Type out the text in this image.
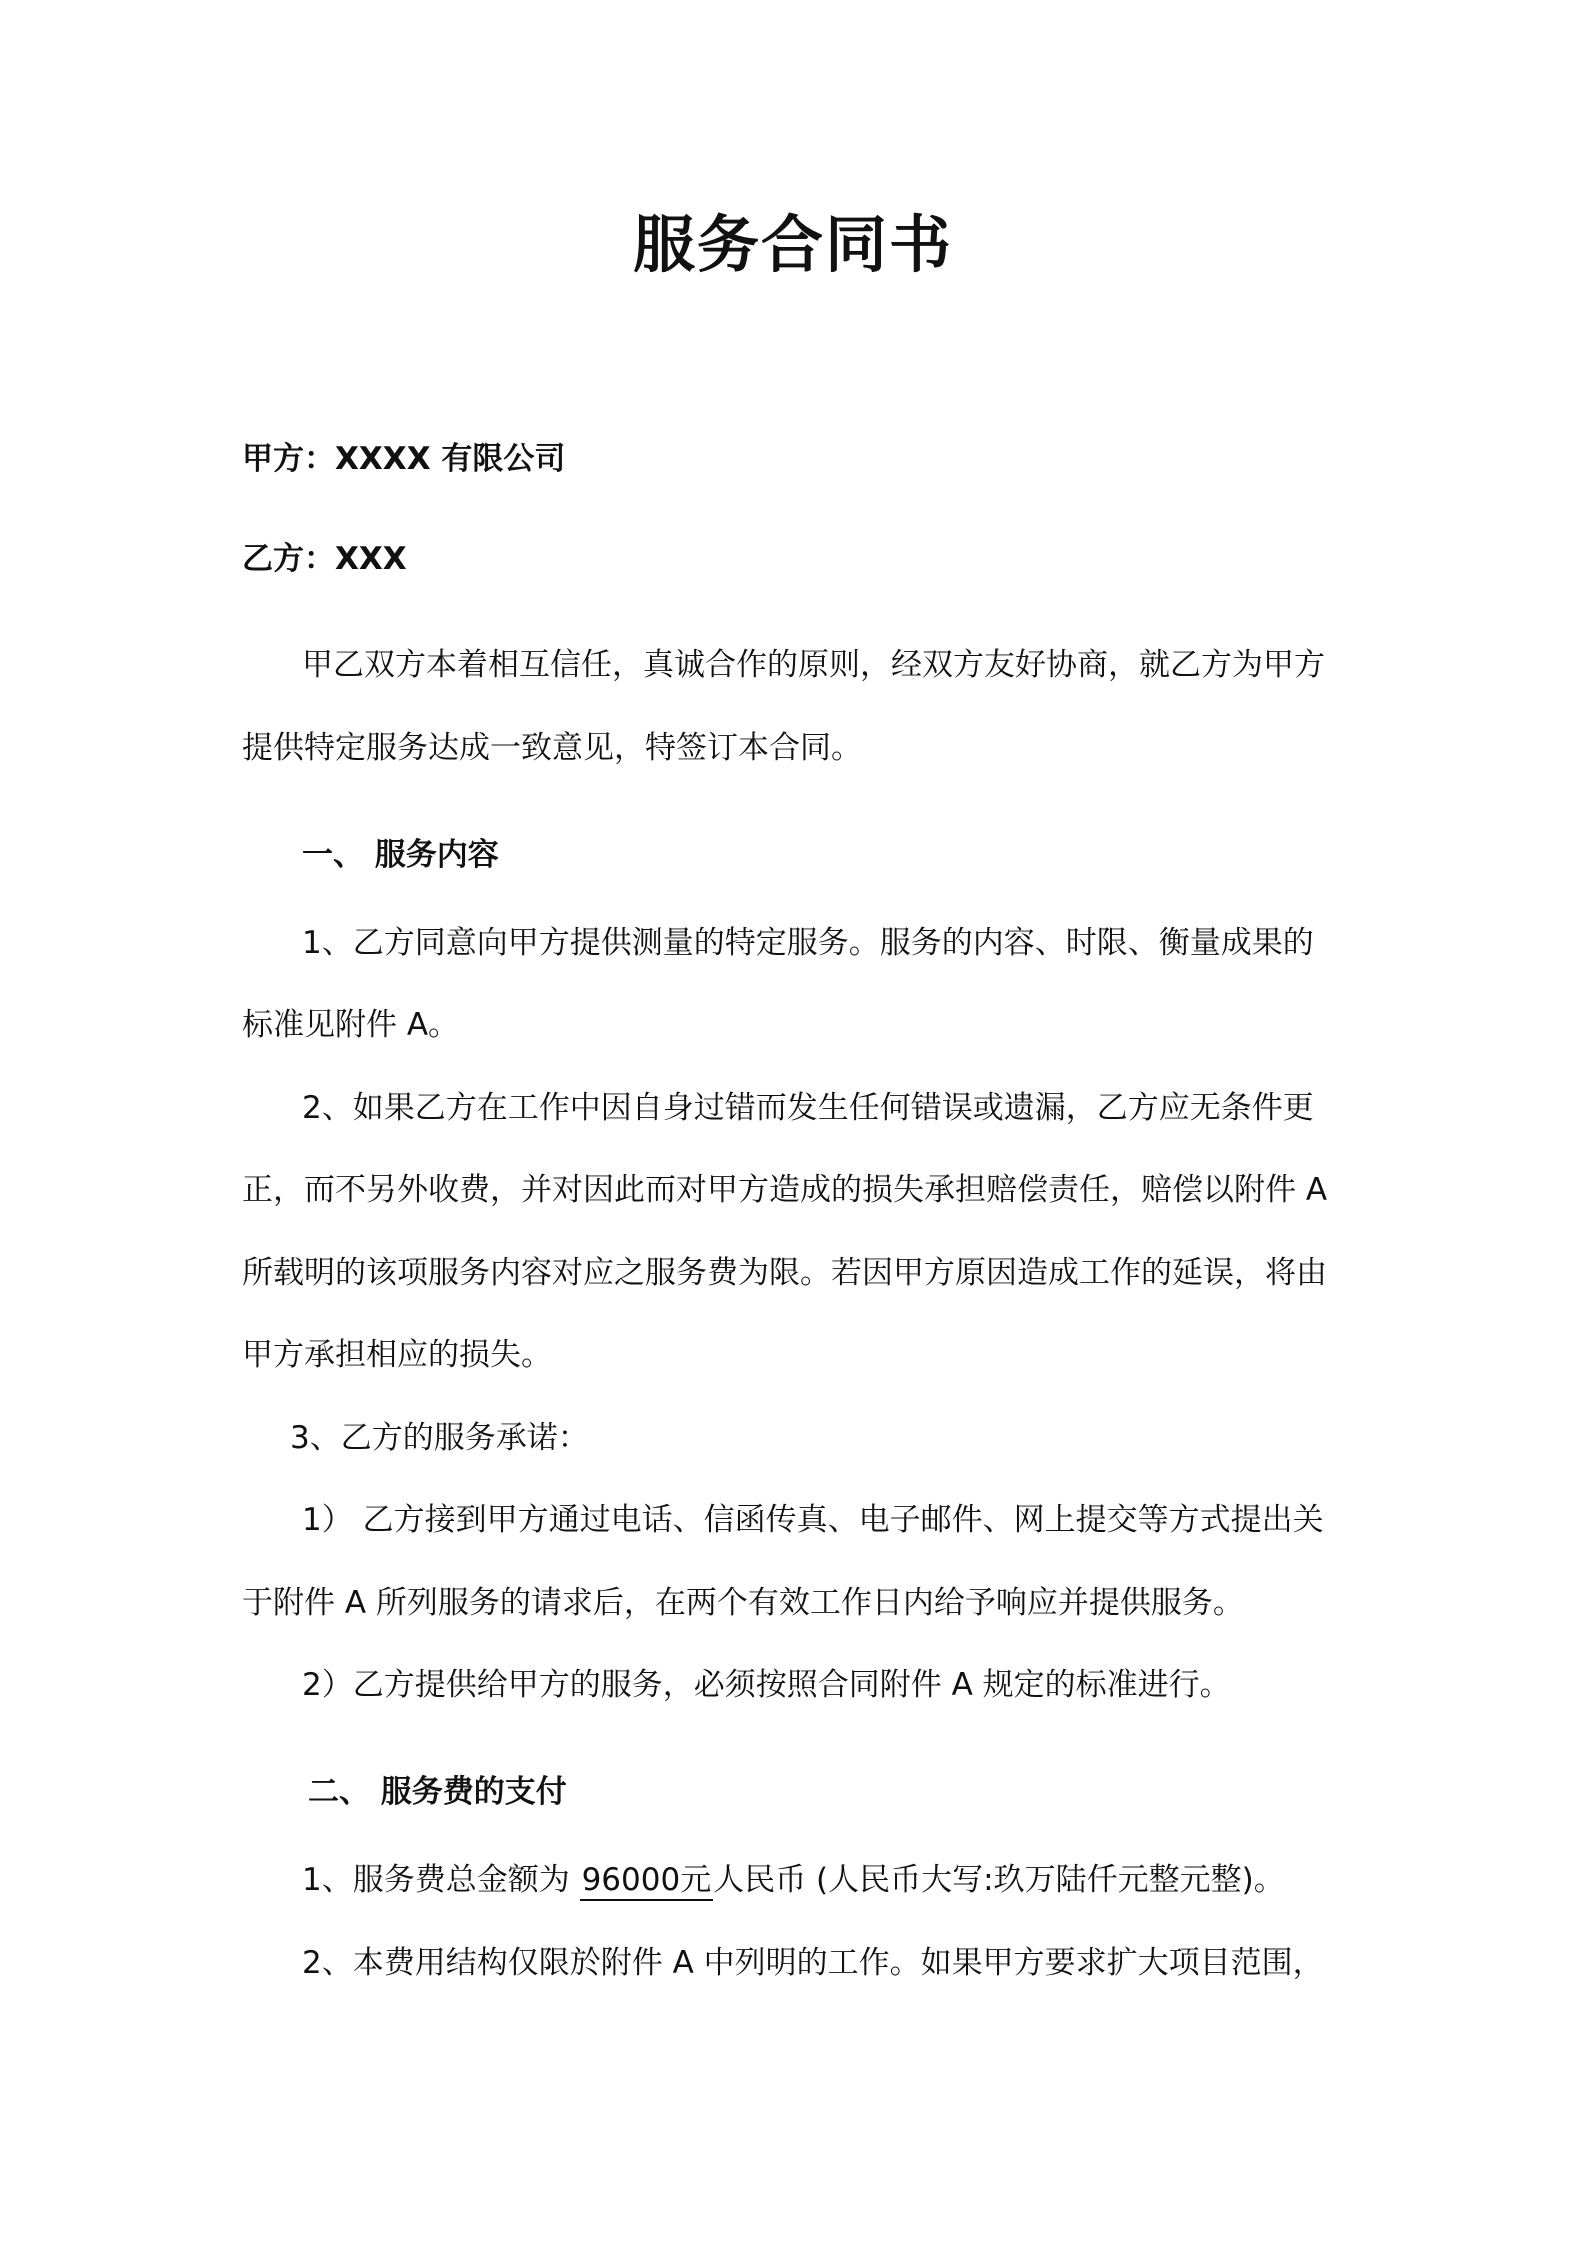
服务合同书
甲方：XXXX 有限公司
乙方：XXX
甲乙双方本着相互信任，真诚合作的原则，经双方友好协商，就乙方为甲方
提供特定服务达成一致意见，特签订本合同。
一、 服务内容
1、乙方同意向甲方提供测量的特定服务。服务的内容、时限、衡量成果的
标准见附件 A。
2、如果乙方在工作中因自身过错而发生任何错误或遗漏，乙方应无条件更
正，而不另外收费，并对因此而对甲方造成的损失承担赔偿责任，赔偿以附件 A
所载明的该项服务内容对应之服务费为限。若因甲方原因造成工作的延误，将由
甲方承担相应的损失。
3、乙方的服务承诺：
1） 乙方接到甲方通过电话、信函传真、电子邮件、网上提交等方式提出关
于附件 A 所列服务的请求后，在两个有效工作日内给予响应并提供服务。
2）乙方提供给甲方的服务，必须按照合同附件 A 规定的标准进行。
二、 服务费的支付
1、服务费总金额为 96000元人民币 (人民币大写:玖万陆仟元整元整)。
2、本费用结构仅限於附件 A 中列明的工作。如果甲方要求扩大项目范围，
